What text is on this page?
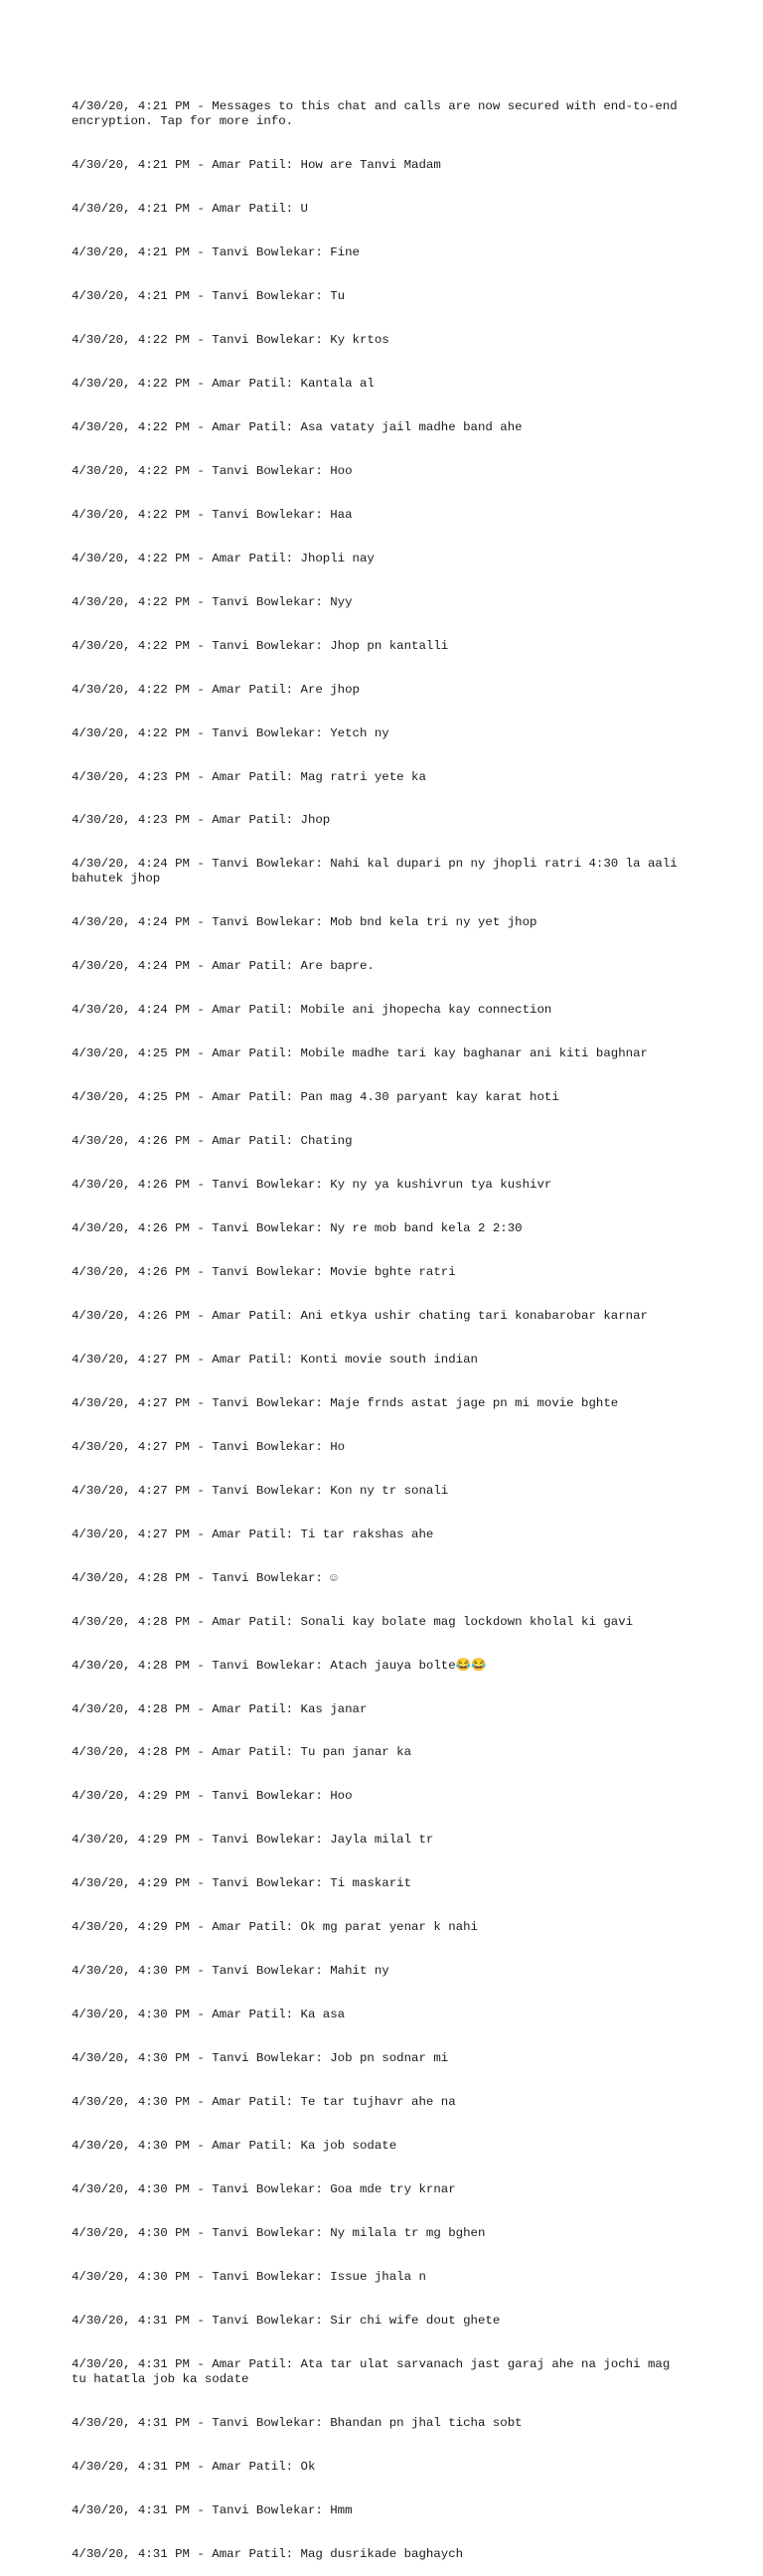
4/30/20, 4:21 PM - Messages to this chat and calls are now secured with end-to-end encryption. Tap for more info.

4/30/20, 4:21 PM - Amar Patil: How are Tanvi Madam

4/30/20, 4:21 PM - Amar Patil: U

4/30/20, 4:21 PM - Tanvi Bowlekar: Fine

4/30/20, 4:21 PM - Tanvi Bowlekar: Tu

4/30/20, 4:22 PM - Tanvi Bowlekar: Ky krtos

4/30/20, 4:22 PM - Amar Patil: Kantala al

4/30/20, 4:22 PM - Amar Patil: Asa vataty jail madhe band ahe

4/30/20, 4:22 PM - Tanvi Bowlekar: Hoo

4/30/20, 4:22 PM - Tanvi Bowlekar: Haa

4/30/20, 4:22 PM - Amar Patil: Jhopli nay

4/30/20, 4:22 PM - Tanvi Bowlekar: Nyy

4/30/20, 4:22 PM - Tanvi Bowlekar: Jhop pn kantalli

4/30/20, 4:22 PM - Amar Patil: Are jhop

4/30/20, 4:22 PM - Tanvi Bowlekar: Yetch ny

4/30/20, 4:23 PM - Amar Patil: Mag ratri yete ka

4/30/20, 4:23 PM - Amar Patil: Jhop

4/30/20, 4:24 PM - Tanvi Bowlekar: Nahi kal dupari pn ny jhopli ratri 4:30 la aali bahutek jhop

4/30/20, 4:24 PM - Tanvi Bowlekar: Mob bnd kela tri ny yet jhop

4/30/20, 4:24 PM - Amar Patil: Are bapre.

4/30/20, 4:24 PM - Amar Patil: Mobile ani jhopecha kay connection

4/30/20, 4:25 PM - Amar Patil: Mobile madhe tari kay baghanar ani kiti baghnar

4/30/20, 4:25 PM - Amar Patil: Pan mag 4.30 paryant kay karat hoti

4/30/20, 4:26 PM - Amar Patil: Chating

4/30/20, 4:26 PM - Tanvi Bowlekar: Ky ny ya kushivrun tya kushivr

4/30/20, 4:26 PM - Tanvi Bowlekar: Ny re mob band kela 2 2:30

4/30/20, 4:26 PM - Tanvi Bowlekar: Movie bghte ratri

4/30/20, 4:26 PM - Amar Patil: Ani etkya ushir chating tari konabarobar karnar

4/30/20, 4:27 PM - Amar Patil: Konti movie south indian

4/30/20, 4:27 PM - Tanvi Bowlekar: Maje frnds astat jage pn mi movie bghte

4/30/20, 4:27 PM - Tanvi Bowlekar: Ho

4/30/20, 4:27 PM - Tanvi Bowlekar: Kon ny tr sonali

4/30/20, 4:27 PM - Amar Patil: Ti tar rakshas ahe

4/30/20, 4:28 PM - Tanvi Bowlekar: ☺

4/30/20, 4:28 PM - Amar Patil: Sonali kay bolate mag lockdown kholal ki gavi

4/30/20, 4:28 PM - Tanvi Bowlekar: Atach jauya bolte😂😂

4/30/20, 4:28 PM - Amar Patil: Kas janar

4/30/20, 4:28 PM - Amar Patil: Tu pan janar ka

4/30/20, 4:29 PM - Tanvi Bowlekar: Hoo

4/30/20, 4:29 PM - Tanvi Bowlekar: Jayla milal tr

4/30/20, 4:29 PM - Tanvi Bowlekar: Ti maskarit

4/30/20, 4:29 PM - Amar Patil: Ok mg parat yenar k nahi

4/30/20, 4:30 PM - Tanvi Bowlekar: Mahit ny

4/30/20, 4:30 PM - Amar Patil: Ka asa

4/30/20, 4:30 PM - Tanvi Bowlekar: Job pn sodnar mi

4/30/20, 4:30 PM - Amar Patil: Te tar tujhavr ahe na

4/30/20, 4:30 PM - Amar Patil: Ka job sodate

4/30/20, 4:30 PM - Tanvi Bowlekar: Goa mde try krnar

4/30/20, 4:30 PM - Tanvi Bowlekar: Ny milala tr mg bghen

4/30/20, 4:30 PM - Tanvi Bowlekar: Issue jhala n

4/30/20, 4:31 PM - Tanvi Bowlekar: Sir chi wife dout ghete

4/30/20, 4:31 PM - Amar Patil: Ata tar ulat sarvanach jast garaj ahe na jochi mag tu hatatla job ka sodate

4/30/20, 4:31 PM - Tanvi Bowlekar: Bhandan pn jhal ticha sobt

4/30/20, 4:31 PM - Amar Patil: Ok

4/30/20, 4:31 PM - Tanvi Bowlekar: Hmm

4/30/20, 4:31 PM - Amar Patil: Mag dusrikade baghaych
